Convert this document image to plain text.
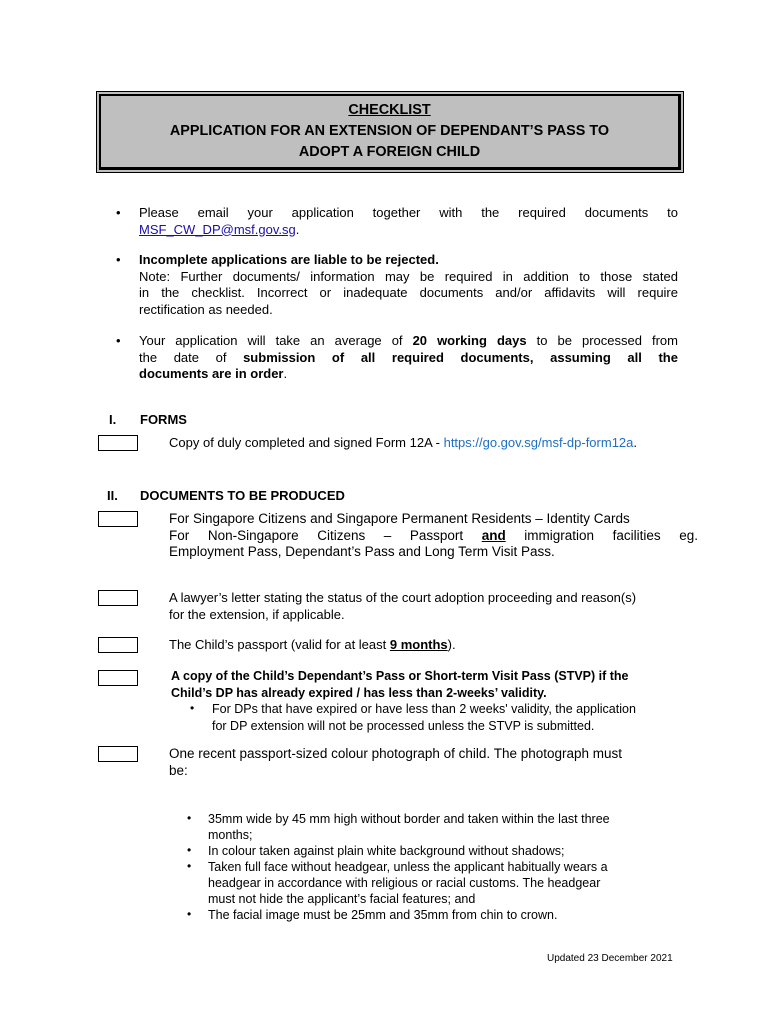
CHECKLIST
APPLICATION FOR AN EXTENSION OF DEPENDANT’S PASS TO
ADOPT A FOREIGN CHILD
• Please email your application together with the required documents to
MSF_CW_DP@msf.gov.sg.
• Incomplete applications are liable to be rejected.
Note: Further documents/ information may be required in addition to those stated
in the checklist. Incorrect or inadequate documents and/or affidavits will require
rectification as needed.
• Your application will take an average of 20 working days to be processed from
the date of submission of all required documents, assuming all the
documents are in order.
I. FORMS
Copy of duly completed and signed Form 12A - https://go.gov.sg/msf-dp-form12a.
II. DOCUMENTS TO BE PRODUCED
For Singapore Citizens and Singapore Permanent Residents – Identity Cards
For Non-Singapore Citizens – Passport and immigration facilities eg.
Employment Pass, Dependant’s Pass and Long Term Visit Pass.
A lawyer’s letter stating the status of the court adoption proceeding and reason(s)
for the extension, if applicable.
The Child’s passport (valid for at least 9 months).
A copy of the Child’s Dependant’s Pass or Short-term Visit Pass (STVP) if the
Child’s DP has already expired / has less than 2-weeks’ validity.
• For DPs that have expired or have less than 2 weeks' validity, the application
for DP extension will not be processed unless the STVP is submitted.
One recent passport-sized colour photograph of child. The photograph must
be:
• 35mm wide by 45 mm high without border and taken within the last three
months;
• In colour taken against plain white background without shadows;
• Taken full face without headgear, unless the applicant habitually wears a
headgear in accordance with religious or racial customs. The headgear
must not hide the applicant’s facial features; and
• The facial image must be 25mm and 35mm from chin to crown.
Updated 23 December 2021
